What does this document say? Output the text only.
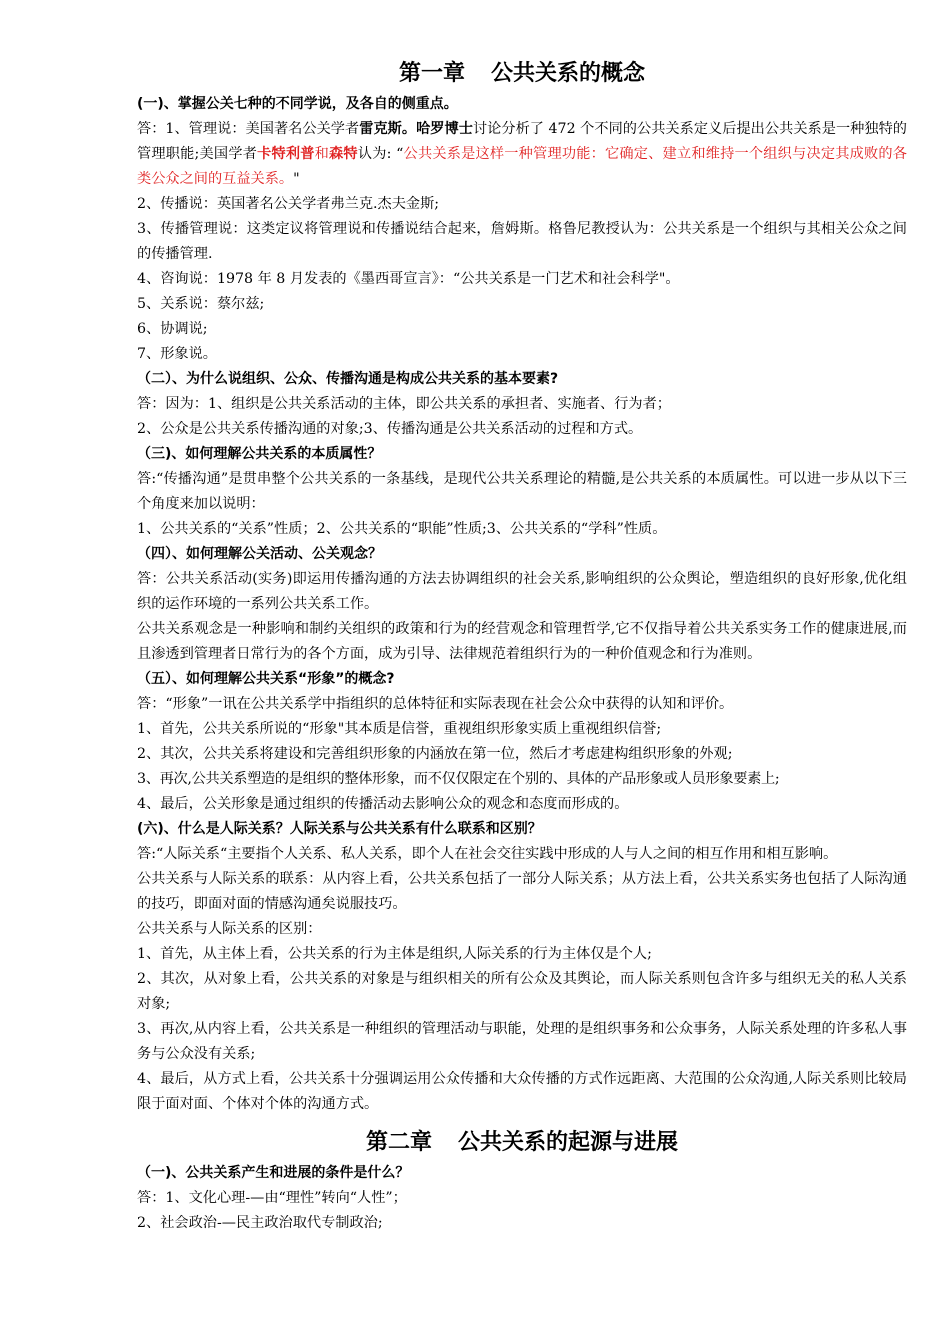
第一章 公共关系的概念

(一)、掌握公关七种的不同学说，及各自的侧重点。

答：1、管理说：美国著名公关学者雷克斯。哈罗博士讨论分析了 472 个不同的公共关系定义后提出公共关系是一种独特的管理职能;美国学者卡特利普和森特认为: “公共关系是这样一种管理功能：它确定、建立和维持一个组织与决定其成败的各类公众之间的互益关系。"

2、传播说：英国著名公关学者弗兰克.杰夫金斯;

3、传播管理说：这类定议将管理说和传播说结合起来，詹姆斯。格鲁尼教授认为：公共关系是一个组织与其相关公众之间的传播管理.

4、咨询说：1978 年 8 月发表的《墨西哥宣言》：“公共关系是一门艺术和社会科学"。

5、关系说：蔡尔兹;

6、协调说;

7、形象说。

（二）、为什么说组织、公众、传播沟通是构成公共关系的基本要素?

答：因为：1、组织是公共关系活动的主体，即公共关系的承担者、实施者、行为者；

2、公众是公共关系传播沟通的对象;3、传播沟通是公共关系活动的过程和方式。

（三)、如何理解公共关系的本质属性？

答:“传播沟通”是贯串整个公共关系的一条基线，是现代公共关系理论的精髓,是公共关系的本质属性。可以进一步从以下三个角度来加以说明：

1、公共关系的“关系”性质；2、公共关系的“职能”性质;3、公共关系的“学科”性质。

（四）、如何理解公关活动、公关观念？

答：公共关系活动(实务)即运用传播沟通的方法去协调组织的社会关系,影响组织的公众舆论，塑造组织的良好形象,优化组织的运作环境的一系列公共关系工作。

公共关系观念是一种影响和制约关组织的政策和行为的经营观念和管理哲学,它不仅指导着公共关系实务工作的健康进展,而且渗透到管理者日常行为的各个方面，成为引导、法律规范着组织行为的一种价值观念和行为准则。

（五）、如何理解公共关系“形象”的概念?

答：“形象”一讯在公共关系学中指组织的总体特征和实际表现在社会公众中获得的认知和评价。

1、首先，公共关系所说的“形象"其本质是信誉，重视组织形象实质上重视组织信誉;

2、其次，公共关系将建设和完善组织形象的内涵放在第一位，然后才考虑建构组织形象的外观;

3、再次,公共关系塑造的是组织的整体形象，而不仅仅限定在个别的、具体的产品形象或人员形象要素上;

4、最后，公关形象是通过组织的传播活动去影响公众的观念和态度而形成的。

(六)、什么是人际关系？人际关系与公共关系有什么联系和区别？

答:“人际关系“主要指个人关系、私人关系，即个人在社会交往实践中形成的人与人之间的相互作用和相互影响。

公共关系与人际关系的联系：从内容上看，公共关系包括了一部分人际关系；从方法上看，公共关系实务也包括了人际沟通的技巧，即面对面的情感沟通矣说服技巧。

公共关系与人际关系的区别：

1、首先，从主体上看，公共关系的行为主体是组织,人际关系的行为主体仅是个人;

2、其次，从对象上看，公共关系的对象是与组织相关的所有公众及其舆论，而人际关系则包含许多与组织无关的私人关系对象;

3、再次,从内容上看，公共关系是一种组织的管理活动与职能，处理的是组织事务和公众事务，人际关系处理的许多私人事务与公众没有关系;

4、最后，从方式上看，公共关系十分强调运用公众传播和大众传播的方式作远距离、大范围的公众沟通,人际关系则比较局限于面对面、个体对个体的沟通方式。

第二章 公共关系的起源与进展

（一)、公共关系产生和进展的条件是什么？

答：1、文化心理-—由“理性”转向“人性”；

2、社会政治-—民主政治取代专制政治;
